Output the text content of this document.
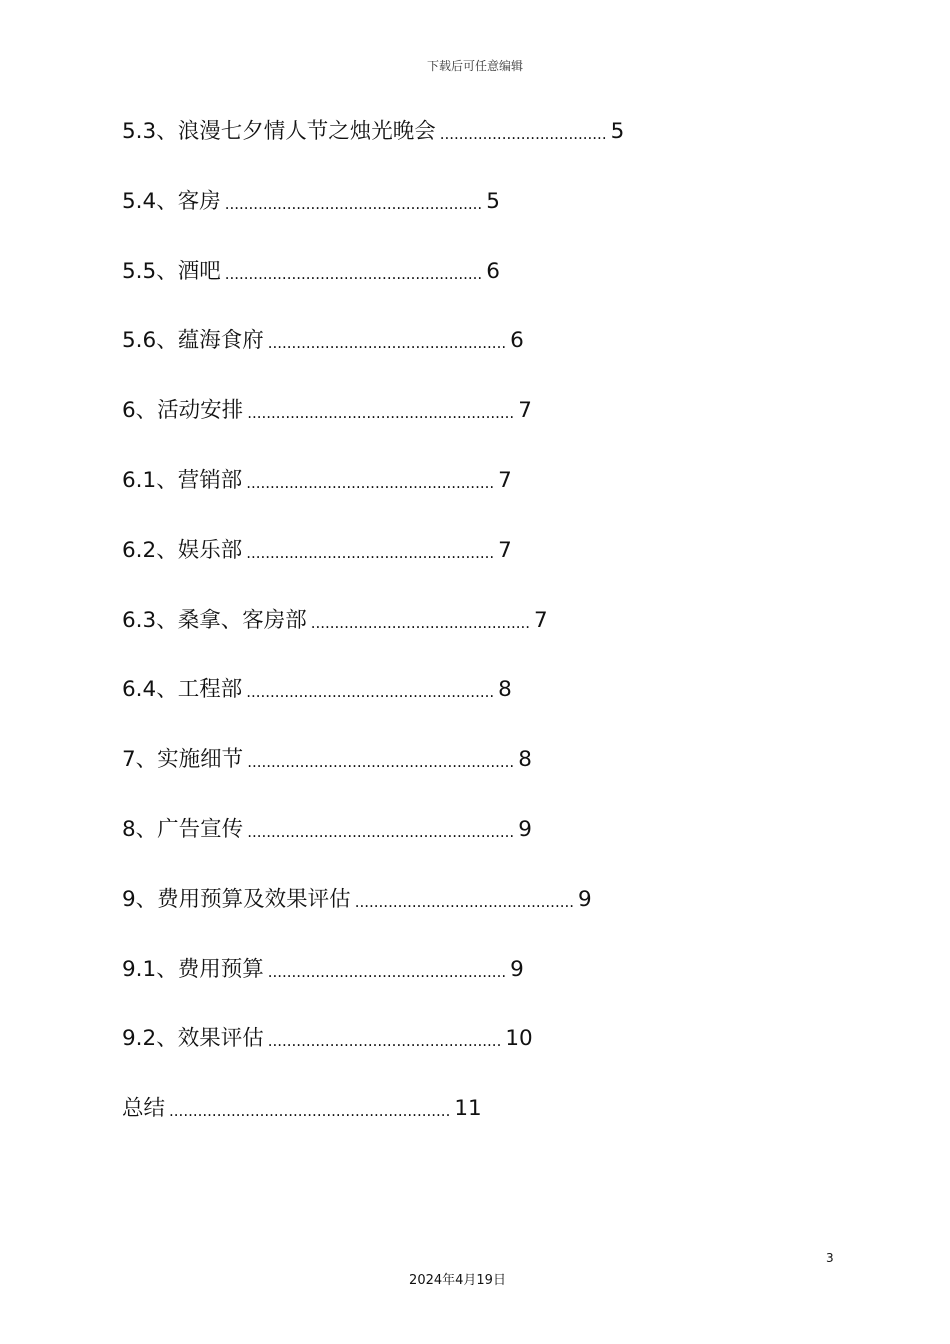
下载后可任意编辑
5.3、浪漫七夕情人节之烛光晚会 ................................... 5
5.4、客房 ...................................................... 5
5.5、酒吧 ...................................................... 6
5.6、蕴海食府 .................................................. 6
6、活动安排 ........................................................ 7
6.1、营销部 .................................................... 7
6.2、娱乐部 .................................................... 7
6.3、桑拿、客房部 .............................................. 7
6.4、工程部 .................................................... 8
7、实施细节 ........................................................ 8
8、广告宣传 ........................................................ 9
9、费用预算及效果评估 .............................................. 9
9.1、费用预算 .................................................. 9
9.2、效果评估 ................................................. 10
总结 ........................................................... 11
3
2024年4月19日
